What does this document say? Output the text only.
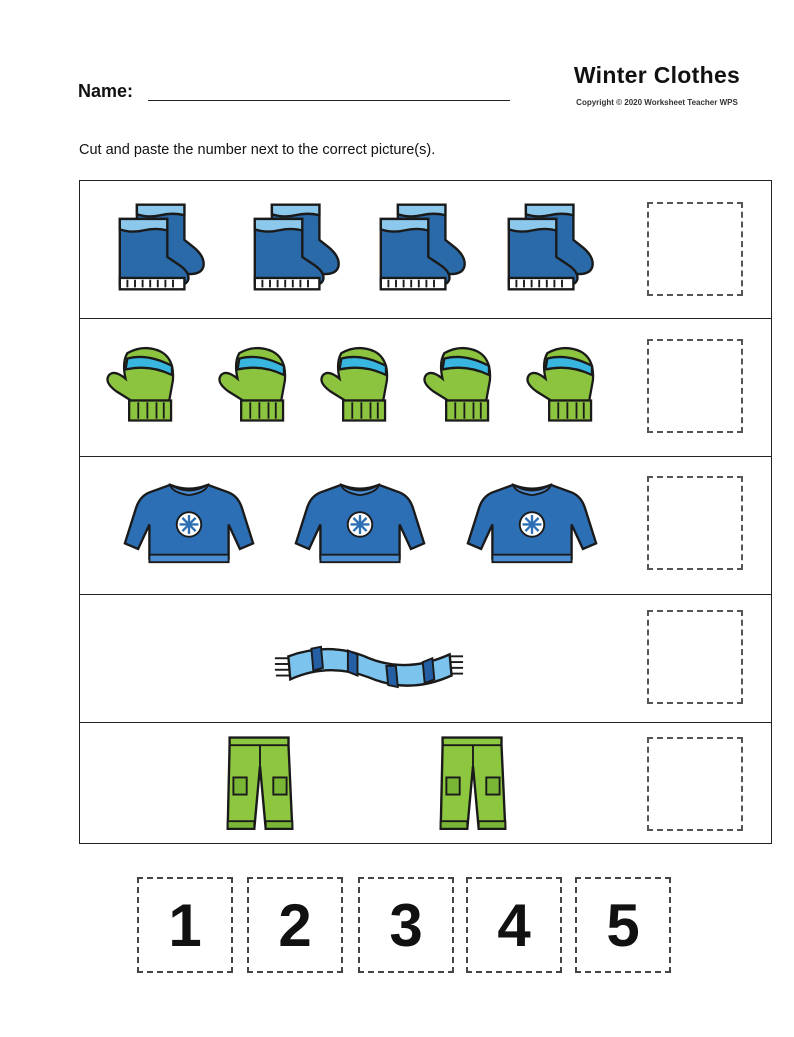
Name:
Winter Clothes
Copyright © 2020 Worksheet Teacher WPS
Cut and paste the number next to the correct picture(s).
1	2	3	4	5
